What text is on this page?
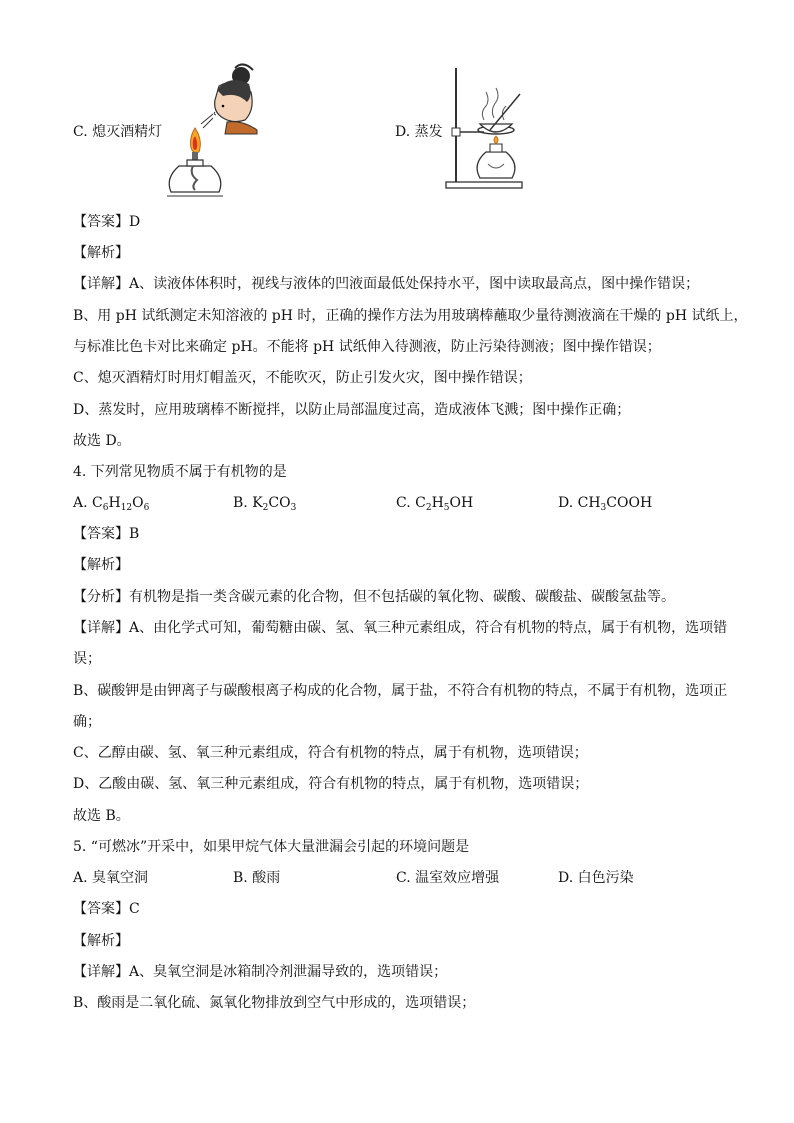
C. 熄灭酒精灯	D. 蒸发
【答案】D
【解析】
【详解】A、读液体体积时，视线与液体的凹液面最低处保持水平，图中读取最高点，图中操作错误；
B、用 pH 试纸测定未知溶液的 pH 时，正确的操作方法为用玻璃棒蘸取少量待测液滴在干燥的 pH 试纸上，
与标准比色卡对比来确定 pH。不能将 pH 试纸伸入待测液，防止污染待测液；图中操作错误；
C、熄灭酒精灯时用灯帽盖灭，不能吹灭，防止引发火灾，图中操作错误；
D、蒸发时，应用玻璃棒不断搅拌，以防止局部温度过高，造成液体飞溅；图中操作正确；
故选 D。
4. 下列常见物质不属于有机物的是
A. $C_6H_{12}O_6$	B. $K_2CO_3$	C. $C_2H_5OH$	D. $CH_3COOH$
【答案】B
【解析】
【分析】有机物是指一类含碳元素的化合物，但不包括碳的氧化物、碳酸、碳酸盐、碳酸氢盐等。
【详解】A、由化学式可知，葡萄糖由碳、氢、氧三种元素组成，符合有机物的特点，属于有机物，选项错
误；
B、碳酸钾是由钾离子与碳酸根离子构成的化合物，属于盐，不符合有机物的特点，不属于有机物，选项正
确；
C、乙醇由碳、氢、氧三种元素组成，符合有机物的特点，属于有机物，选项错误；
D、乙酸由碳、氢、氧三种元素组成，符合有机物的特点，属于有机物，选项错误；
故选 B。
5. “可燃冰”开采中，如果甲烷气体大量泄漏会引起的环境问题是
A. 臭氧空洞	B. 酸雨	C. 温室效应增强	D. 白色污染
【答案】C
【解析】
【详解】A、臭氧空洞是冰箱制冷剂泄漏导致的，选项错误；
B、酸雨是二氧化硫、氮氧化物排放到空气中形成的，选项错误；
